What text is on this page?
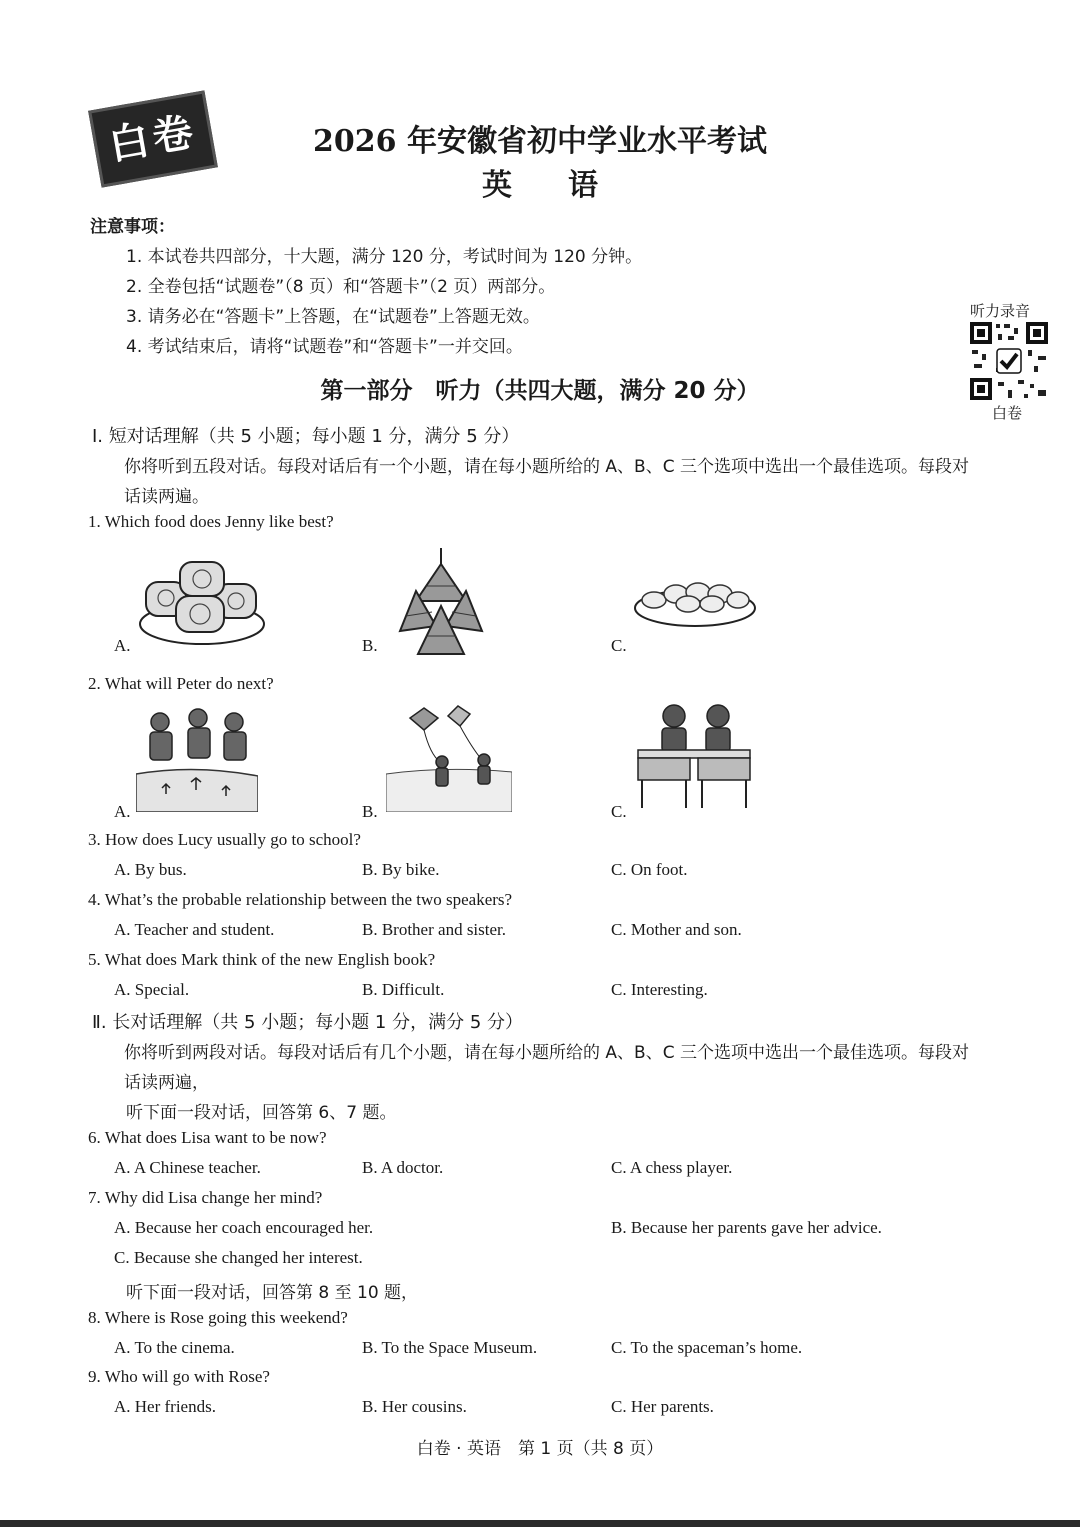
白卷	2026 年安徽省初中学业水平考试
英语
注意事项：
1. 本试卷共四部分，十大题，满分 120 分，考试时间为 120 分钟。
2. 全卷包括“试题卷”（8 页）和“答题卡”（2 页）两部分。
3. 请务必在“答题卡”上答题，在“试题卷”上答题无效。
4. 考试结束后，请将“试题卷”和“答题卡”一并交回。
听力录音
白卷
第一部分　听力（共四大题，满分 20 分）
Ⅰ. 短对话理解（共 5 小题；每小题 1 分，满分 5 分）
你将听到五段对话。每段对话后有一个小题，请在每小题所给的 A、B、C 三个选项中选出一个最佳选项。每段对
话读两遍。
1. Which food does Jenny like best?
A.	B.	C.
2. What will Peter do next?
A.	B.	C.
3. How does Lucy usually go to school?
A. By bus.	B. By bike.	C. On foot.
4. What’s the probable relationship between the two speakers?
A. Teacher and student.	B. Brother and sister.	C. Mother and son.
5. What does Mark think of the new English book?
A. Special.	B. Difficult.	C. Interesting.
Ⅱ. 长对话理解（共 5 小题；每小题 1 分，满分 5 分）
你将听到两段对话。每段对话后有几个小题，请在每小题所给的 A、B、C 三个选项中选出一个最佳选项。每段对
话读两遍，
听下面一段对话，回答第 6、7 题。
6. What does Lisa want to be now?
A. A Chinese teacher.	B. A doctor.	C. A chess player.
7. Why did Lisa change her mind?
A. Because her coach encouraged her.	B. Because her parents gave her advice.
C. Because she changed her interest.
听下面一段对话，回答第 8 至 10 题，
8. Where is Rose going this weekend?
A. To the cinema.	B. To the Space Museum.	C. To the spaceman’s home.
9. Who will go with Rose?
A. Her friends.	B. Her cousins.	C. Her parents.
白卷 · 英语　第 1 页（共 8 页）
